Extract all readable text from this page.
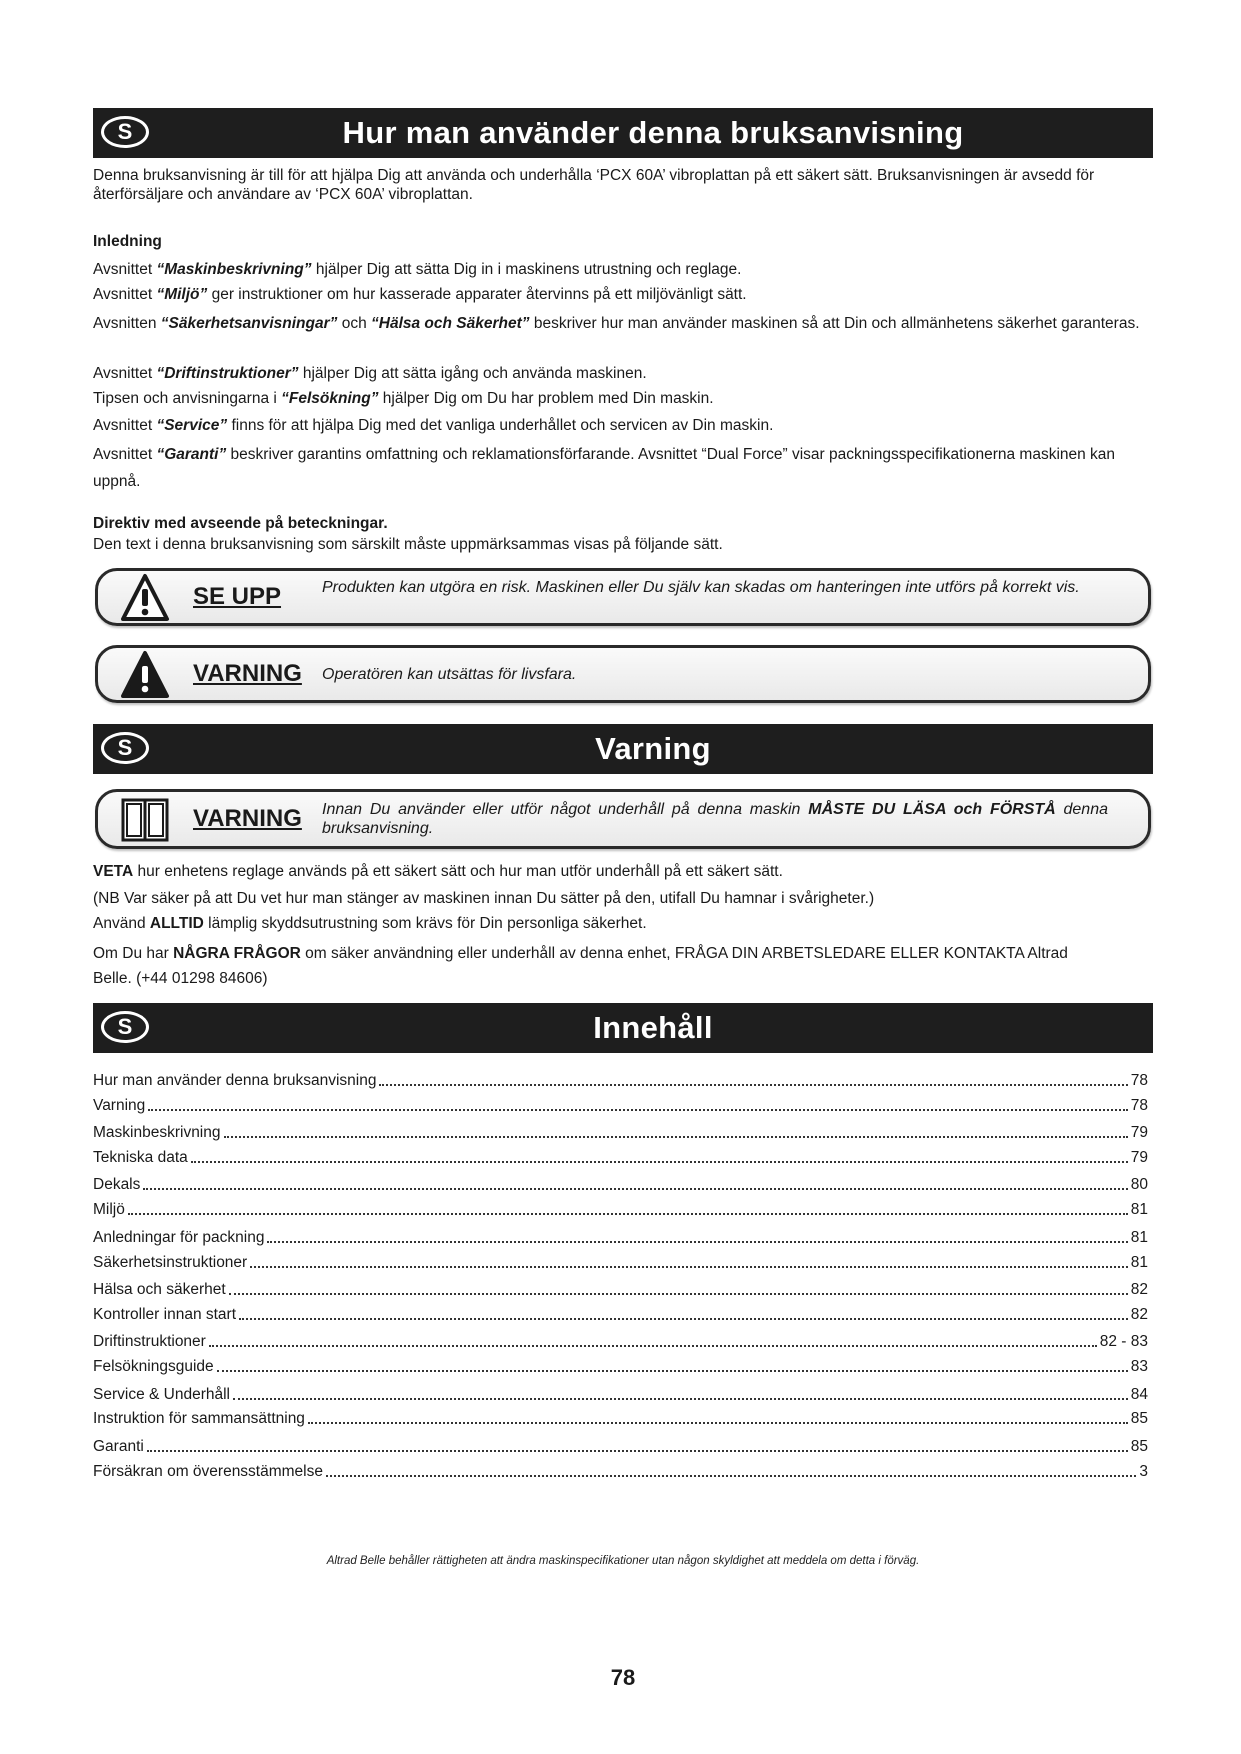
S	Hur man använder denna bruksanvisning
Denna bruksanvisning är till för att hjälpa Dig att använda och underhålla ‘PCX 60A’ vibroplattan på ett säkert sätt. Bruksanvisningen är avsedd för återförsäljare och användare av ‘PCX 60A’ vibroplattan.
Inledning
Avsnittet “Maskinbeskrivning” hjälper Dig att sätta Dig in i maskinens utrustning och reglage.
Avsnittet “Miljö” ger instruktioner om hur kasserade apparater återvinns på ett miljövänligt sätt.
Avsnitten “Säkerhetsanvisningar” och “Hälsa och Säkerhet” beskriver hur man använder maskinen så att Din och allmänhetens säkerhet garanteras.
Avsnittet “Driftinstruktioner” hjälper Dig att sätta igång och använda maskinen.
Tipsen och anvisningarna i “Felsökning” hjälper Dig om Du har problem med Din maskin.
Avsnittet “Service” finns för att hjälpa Dig med det vanliga underhållet och servicen av Din maskin.
Avsnittet “Garanti” beskriver garantins omfattning och reklamationsförfarande. Avsnittet “Dual Force” visar packningsspecifikationerna maskinen kan uppnå.
Direktiv med avseende på beteckningar.
Den text i denna bruksanvisning som särskilt måste uppmärksammas visas på följande sätt.
SE UPP	Produkten kan utgöra en risk. Maskinen eller Du själv kan skadas om hanteringen inte utförs på korrekt vis.
VARNING Operatören kan utsättas för livsfara.
S	Varning
VARNING Innan Du använder eller utför något underhåll på denna maskin MÅSTE DU LÄSA och FÖRSTÅ denna bruksanvisning.
VETA hur enhetens reglage används på ett säkert sätt och hur man utför underhåll på ett säkert sätt.
(NB Var säker på att Du vet hur man stänger av maskinen innan Du sätter på den, utifall Du hamnar i svårigheter.)
Använd ALLTID lämplig skyddsutrustning som krävs för Din personliga säkerhet.
Om Du har NÅGRA FRÅGOR om säker användning eller underhåll av denna enhet, FRÅGA DIN ARBETSLEDARE ELLER KONTAKTA Altrad Belle. (+44 01298 84606)
S	Innehåll
Hur man använder denna bruksanvisning	78
Varning	78
Maskinbeskrivning	79
Tekniska data	79
Dekals	80
Miljö	81
Anledningar för packning	81
Säkerhetsinstruktioner	81
Hälsa och säkerhet	82
Kontroller innan start	82
Driftinstruktioner	82 - 83
Felsökningsguide	83
Service & Underhåll	84
Instruktion för sammansättning	85
Garanti	85
Försäkran om överensstämmelse	3
Altrad Belle behåller rättigheten att ändra maskinspecifikationer utan någon skyldighet att meddela om detta i förväg.
78
